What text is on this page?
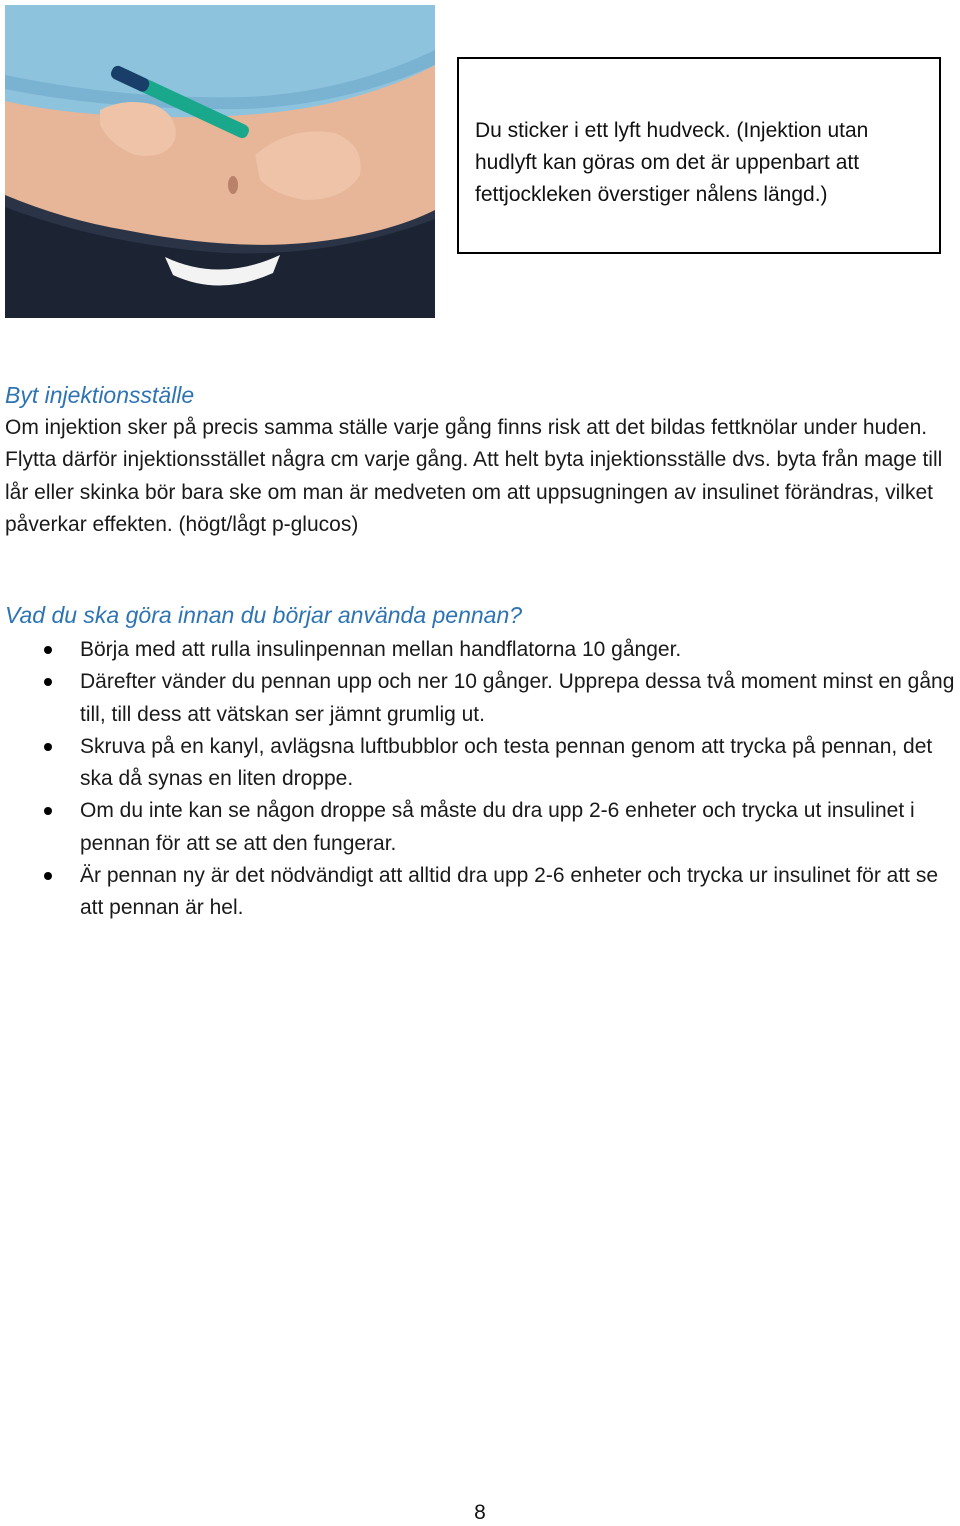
Du sticker i ett lyft hudveck. (Injektion utan hudlyft kan göras om det är uppenbart att fettjockleken överstiger nålens längd.)

Byt injektionsställe

Om injektion sker på precis samma ställe varje gång finns risk att det bildas fettknölar under huden. Flytta därför injektionsstället några cm varje gång. Att helt byta injektionsställe dvs. byta från mage till lår eller skinka bör bara ske om man är medveten om att uppsugningen av insulinet förändras, vilket påverkar effekten. (högt/lågt p-glucos)

Vad du ska göra innan du börjar använda pennan?
Börja med att rulla insulinpennan mellan handflatorna 10 gånger.
Därefter vänder du pennan upp och ner 10 gånger. Upprepa dessa två moment minst en gång till, till dess att vätskan ser jämnt grumlig ut.
Skruva på en kanyl, avlägsna luftbubblor och testa pennan genom att trycka på pennan, det ska då synas en liten droppe.
Om du inte kan se någon droppe så måste du dra upp 2-6 enheter och trycka ut insulinet i pennan för att se att den fungerar.
Är pennan ny är det nödvändigt att alltid dra upp 2-6 enheter och trycka ur insulinet för att se att pennan är hel.
8
